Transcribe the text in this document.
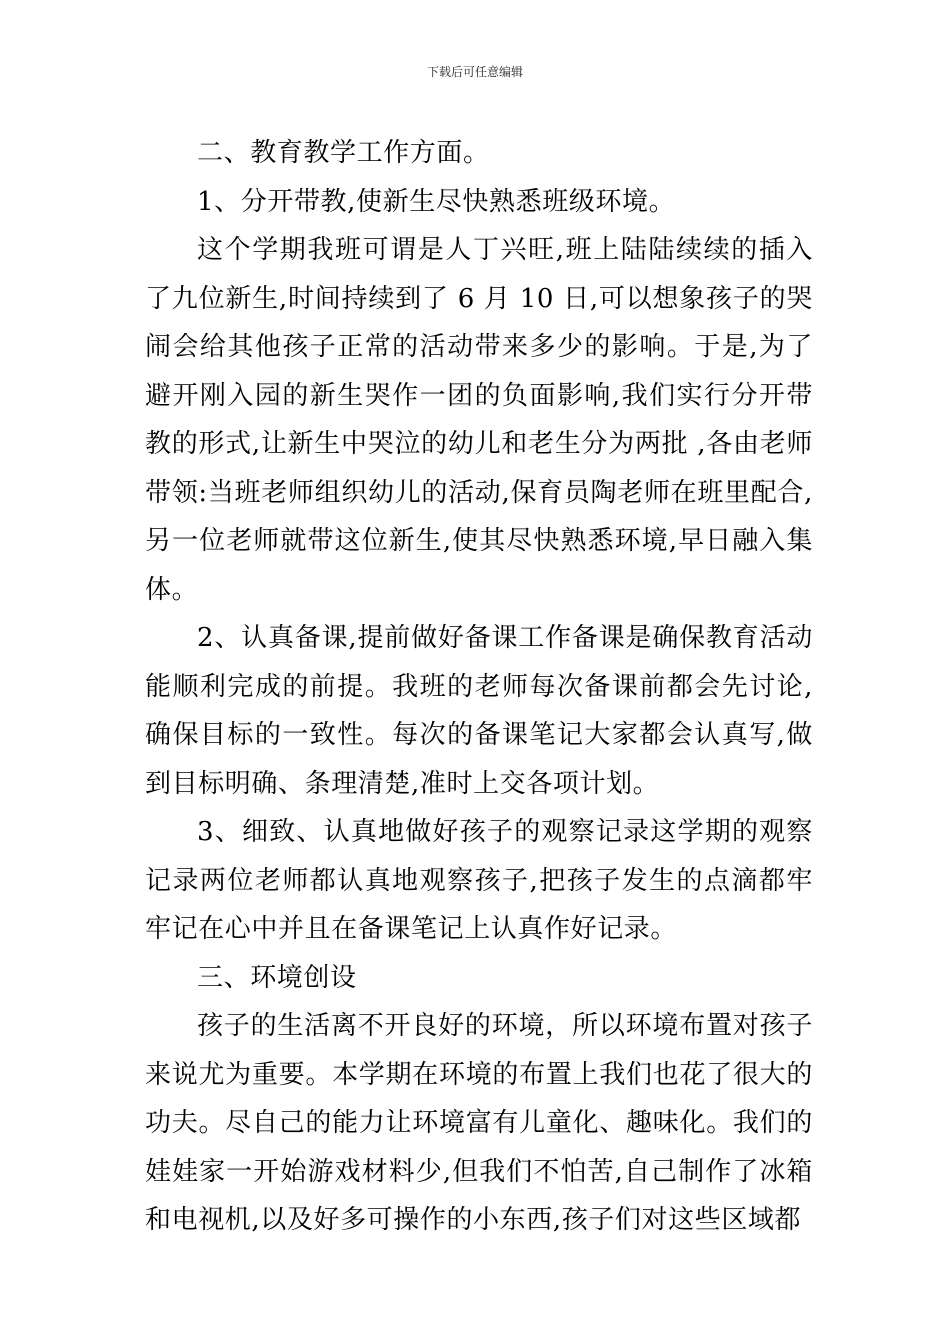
下载后可任意编辑

二、教育教学工作方面。

1、分开带教,使新生尽快熟悉班级环境。

这个学期我班可谓是人丁兴旺,班上陆陆续续的插入了九位新生,时间持续到了 6 月 10 日,可以想象孩子的哭闹会给其他孩子正常的活动带来多少的影响。于是,为了避开刚入园的新生哭作一团的负面影响,我们实行分开带教的形式,让新生中哭泣的幼儿和老生分为两批 ,各由老师带领:当班老师组织幼儿的活动,保育员陶老师在班里配合,另一位老师就带这位新生,使其尽快熟悉环境,早日融入集体。

2、认真备课,提前做好备课工作备课是确保教育活动能顺利完成的前提。我班的老师每次备课前都会先讨论,确保目标的一致性。每次的备课笔记大家都会认真写,做到目标明确、条理清楚,准时上交各项计划。

3、细致、认真地做好孩子的观察记录这学期的观察记录两位老师都认真地观察孩子,把孩子发生的点滴都牢牢记在心中并且在备课笔记上认真作好记录。

三、环境创设

孩子的生活离不开良好的环境，所以环境布置对孩子来说尤为重要。本学期在环境的布置上我们也花了很大的功夫。尽自己的能力让环境富有儿童化、趣味化。我们的娃娃家一开始游戏材料少,但我们不怕苦,自己制作了冰箱和电视机,以及好多可操作的小东西,孩子们对这些区域都
